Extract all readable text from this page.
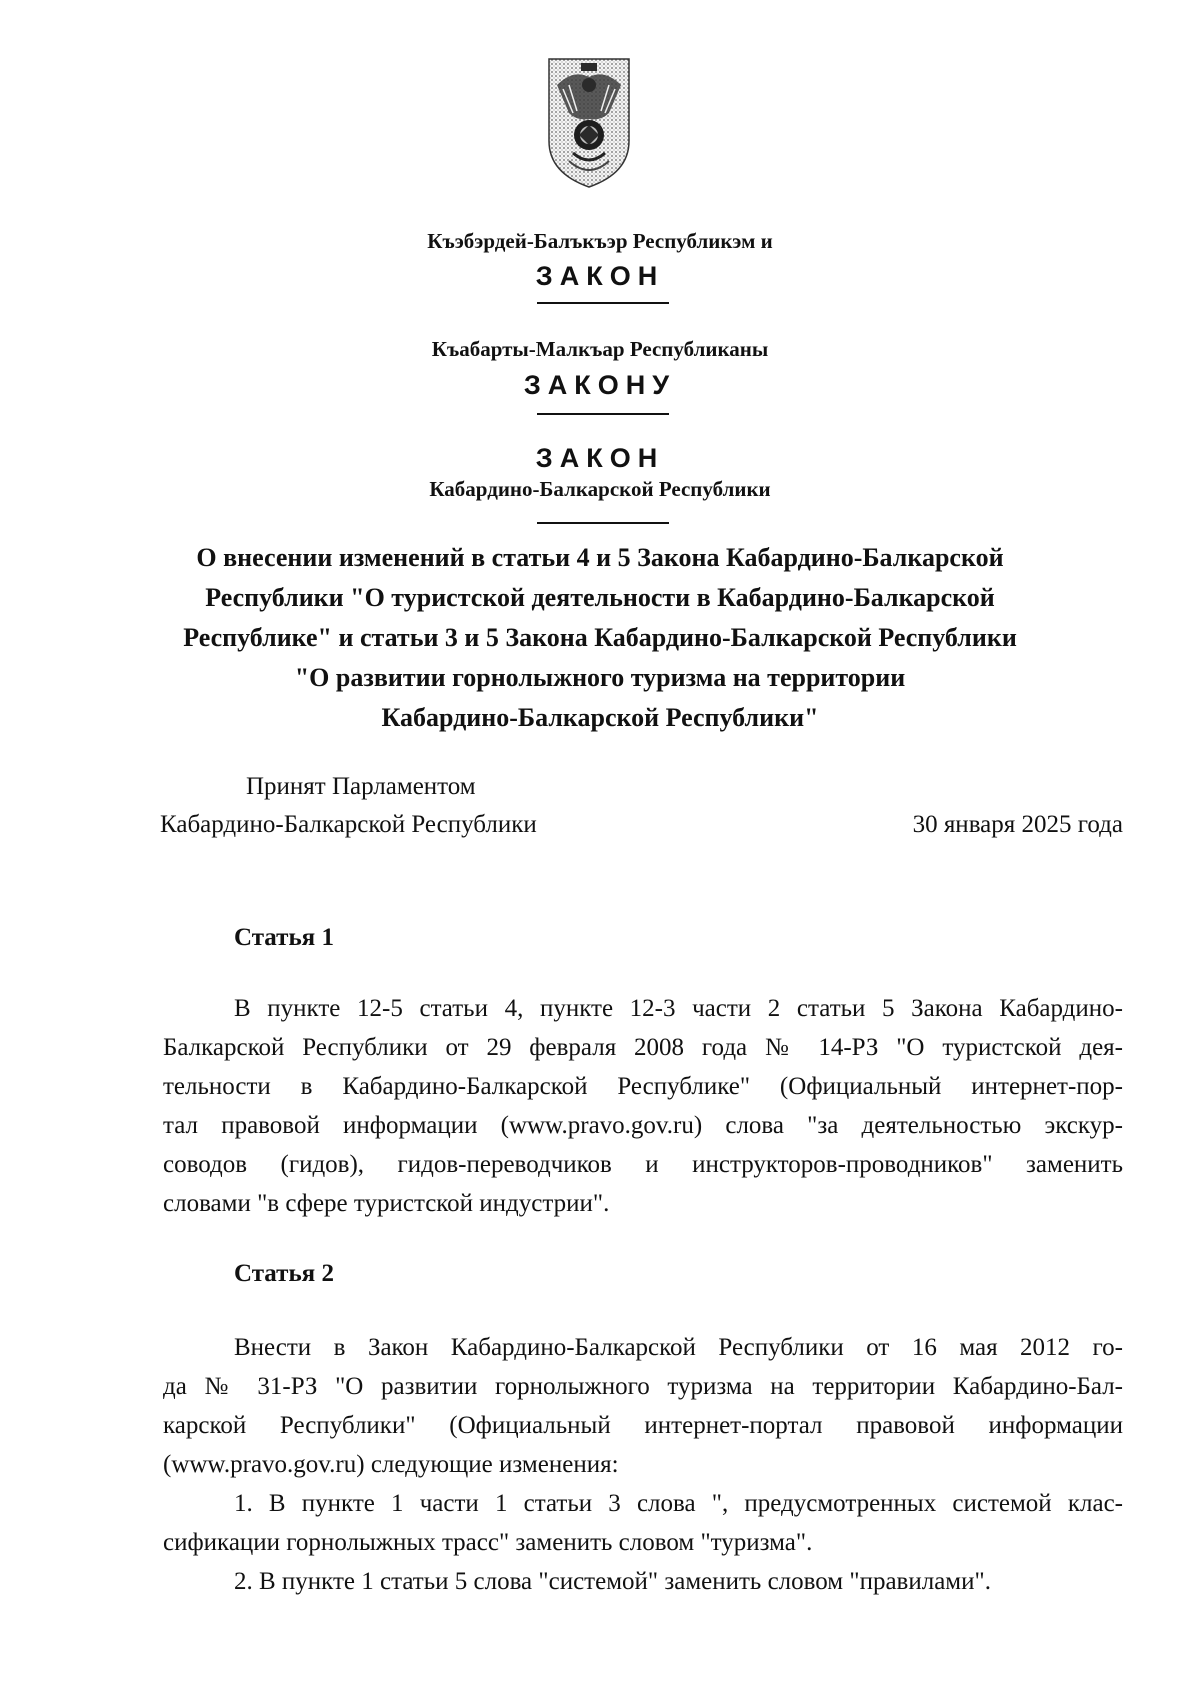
Къэбэрдей-Балъкъэр Республикэм и
ЗАКОН
Къабарты-Малкъар Республиканы
ЗАКОНУ
ЗАКОН
Кабардино-Балкарской Республики
О внесении изменений в статьи 4 и 5 Закона Кабардино-Балкарской
Республики "О туристской деятельности в Кабардино-Балкарской
Республике" и статьи 3 и 5 Закона Кабардино-Балкарской Республики
"О развитии горнолыжного туризма на территории
Кабардино-Балкарской Республики"
Принят Парламентом
Кабардино-Балкарской Республики	30 января 2025 года
Статья 1
В пункте 12-5 статьи 4, пункте 12-3 части 2 статьи 5 Закона Кабардино-
Балкарской Республики от 29 февраля 2008 года № 14-РЗ "О туристской дея-
тельности в Кабардино-Балкарской Республике" (Официальный интернет-пор-
тал правовой информации (www.pravo.gov.ru) слова "за деятельностью экскур-
соводов (гидов), гидов-переводчиков и инструкторов-проводников" заменить
словами "в сфере туристской индустрии".
Статья 2
Внести в Закон Кабардино-Балкарской Республики от 16 мая 2012 го-
да № 31-РЗ "О развитии горнолыжного туризма на территории Кабардино-Бал-
карской Республики" (Официальный интернет-портал правовой информации
(www.pravo.gov.ru) следующие изменения:
1. В пункте 1 части 1 статьи 3 слова ", предусмотренных системой клас-
сификации горнолыжных трасс" заменить словом "туризма".
2. В пункте 1 статьи 5 слова "системой" заменить словом "правилами".
